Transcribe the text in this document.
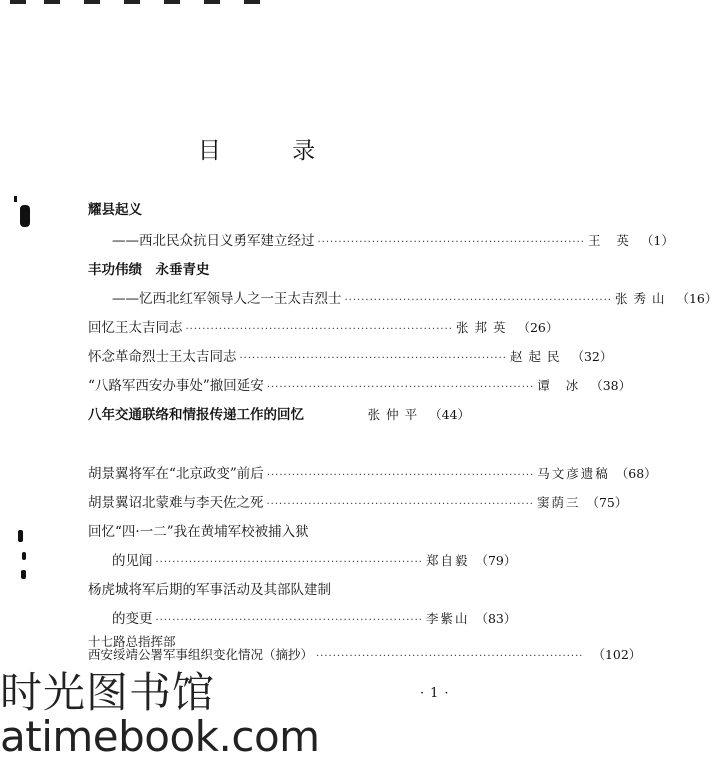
目 录
耀县起义
——西北民众抗日义勇军建立经过 ································································ 王 英 （1）
丰功伟绩　永垂青史
——忆西北红军领导人之一王太吉烈士 ································································ 张秀山 （16）
回忆王太吉同志 ································································ 张邦英 （26）
怀念革命烈士王太吉同志 ································································ 赵起民 （32）
“八路军西安办事处”撤回延安 ································································ 谭 冰 （38）
八年交通联络和情报传递工作的回忆	张仲平 （44）
胡景翼将军在“北京政变”前后 ································································ 马文彦遗稿 （68）
胡景翼诏北蒙难与李天佐之死 ································································ 窦荫三 （75）
回忆“四·一二”我在黄埔军校被捕入狱
的见闻 ································································ 郑自毅 （79）
杨虎城将军后期的军事活动及其部队建制
的变更 ································································ 李紫山 （83）
十七路总指挥部
西安绥靖公署军事组织变化情况（摘抄） ································································ （102）
·1·
时光图书馆
atimebook.com
